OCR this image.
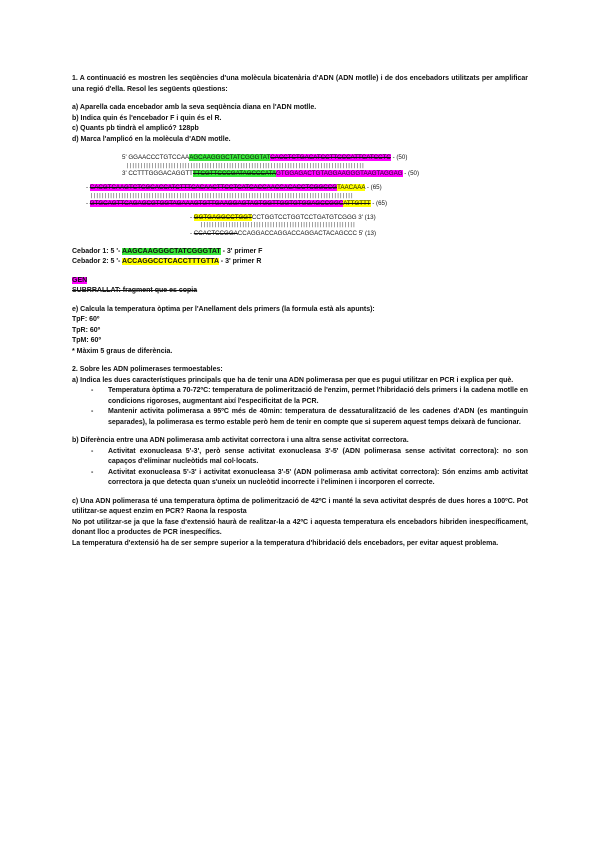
1. A continuació es mostren les seqüències d'una molècula bicatenària d'ADN (ADN motlle) i de dos encebadors utilitzats per amplificar una regió d'ella. Resol les següents qüestions:

a) Aparella cada encebador amb la seva seqüència diana en l'ADN motlle.

b) Indica quin és l'encebador F i quin és el R.

c) Quants pb tindrà el amplicó? 128pb

d) Marca l'amplicó en la molècula d'ADN motlle.

5' GGAACCCTGTCCAAAGCAAGGGCTATCGGGTATCACCTCTGACATCCTTCCCATTCATCCTC - (50)
||||||||||||||||||||||||||||||||||||||||||||||||||||||||||||||||||||||||||||||||||||||
3' CCTTTGGGACAGGTTTTCGTTCCCGATAGCCCATAGTGGAGACTGTAGGAAGGGTAAGTAGGAG - (50)
- CACGTCAAGTCTCGCACCATCTTTCACAACTTCCTCATCACCAACCACACCTCGGCCGTAACAAA - (65)
|||||||||||||||||||||||||||||||||||||||||||||||||||||||||||||||||||||||||||||||||||||||||||||||
- GTGCAGTTCAGAGCGTGGTAGAAAGTGTTGAAGGAGTAGTGGTTGGTGTGGAGCCGGCATTGTTT - (65)
- GGTGAGGCCTGGTCCTGGTCCTGGTCCTGATGTCGGG 3' (13)
||||||||||||||||||||||||||||||||||||||||||||||||||||||||
- CCACTCCGGACCAGGACCAGGACCAGGACTACAGCCC 5' (13)

Cebador 1: 5 '- AAGCAAGGGCTATCGGGTAT - 3' primer F

Cebador 2: 5 '- ACCAGGCCTCACCTTTGTTA - 3' primer R

GEN

SUBRRALLAT: fragment que es copia

e) Calcula la temperatura òptima per l'Anellament dels primers (la formula està als apunts):

TpF: 60º

TpR: 60º

TpM: 60º

* Màxim 5 graus de diferència.

2. Sobre les ADN polimerases termoestables:

a) Indica les dues característiques principals que ha de tenir una ADN polimerasa per que es pugui utilitzar en PCR i explica per què.

- Temperatura òptima a 70-72ºC: temperatura de polimerització de l'enzim, permet l'hibridació dels primers i la cadena motlle en condicions rigoroses, augmentant així l'especificitat de la PCR.
- Mantenir activita polimerasa a 95ºC més de 40min: temperatura de dessaturalització de les cadenes d'ADN (es mantinguin separades), la polimerasa es termo estable però hem de tenir en compte que si superem aquest temps deixarà de funcionar.

b) Diferència entre una ADN polimerasa amb activitat correctora i una altra sense activitat correctora.

- Activitat exonucleasa 5'-3', però sense activitat exonucleasa 3'-5' (ADN polimerasa sense activitat correctora): no son capaços d'eliminar nucleòtids mal col·locats.
- Activitat exonucleasa 5'-3' i activitat exonucleasa 3'-5' (ADN polimerasa amb activitat correctora): Són enzims amb activitat correctora ja que detecta quan s'uneix un nucleòtid incorrecte i l'eliminen i incorporen el correcte.

c) Una ADN polimerasa té una temperatura òptima de polimerització de 42ºC i manté la seva activitat després de dues hores a 100ºC. Pot utilitzar-se aquest enzim en PCR? Raona la resposta

No pot utilitzar-se ja que la fase d'extensió haurà de realitzar-la a 42ºC i aquesta temperatura els encebadors hibriden inespecíficament, donant lloc a productes de PCR inespecífics.

La temperatura d'extensió ha de ser sempre superior a la temperatura d'hibridació dels encebadors, per evitar aquest problema.
